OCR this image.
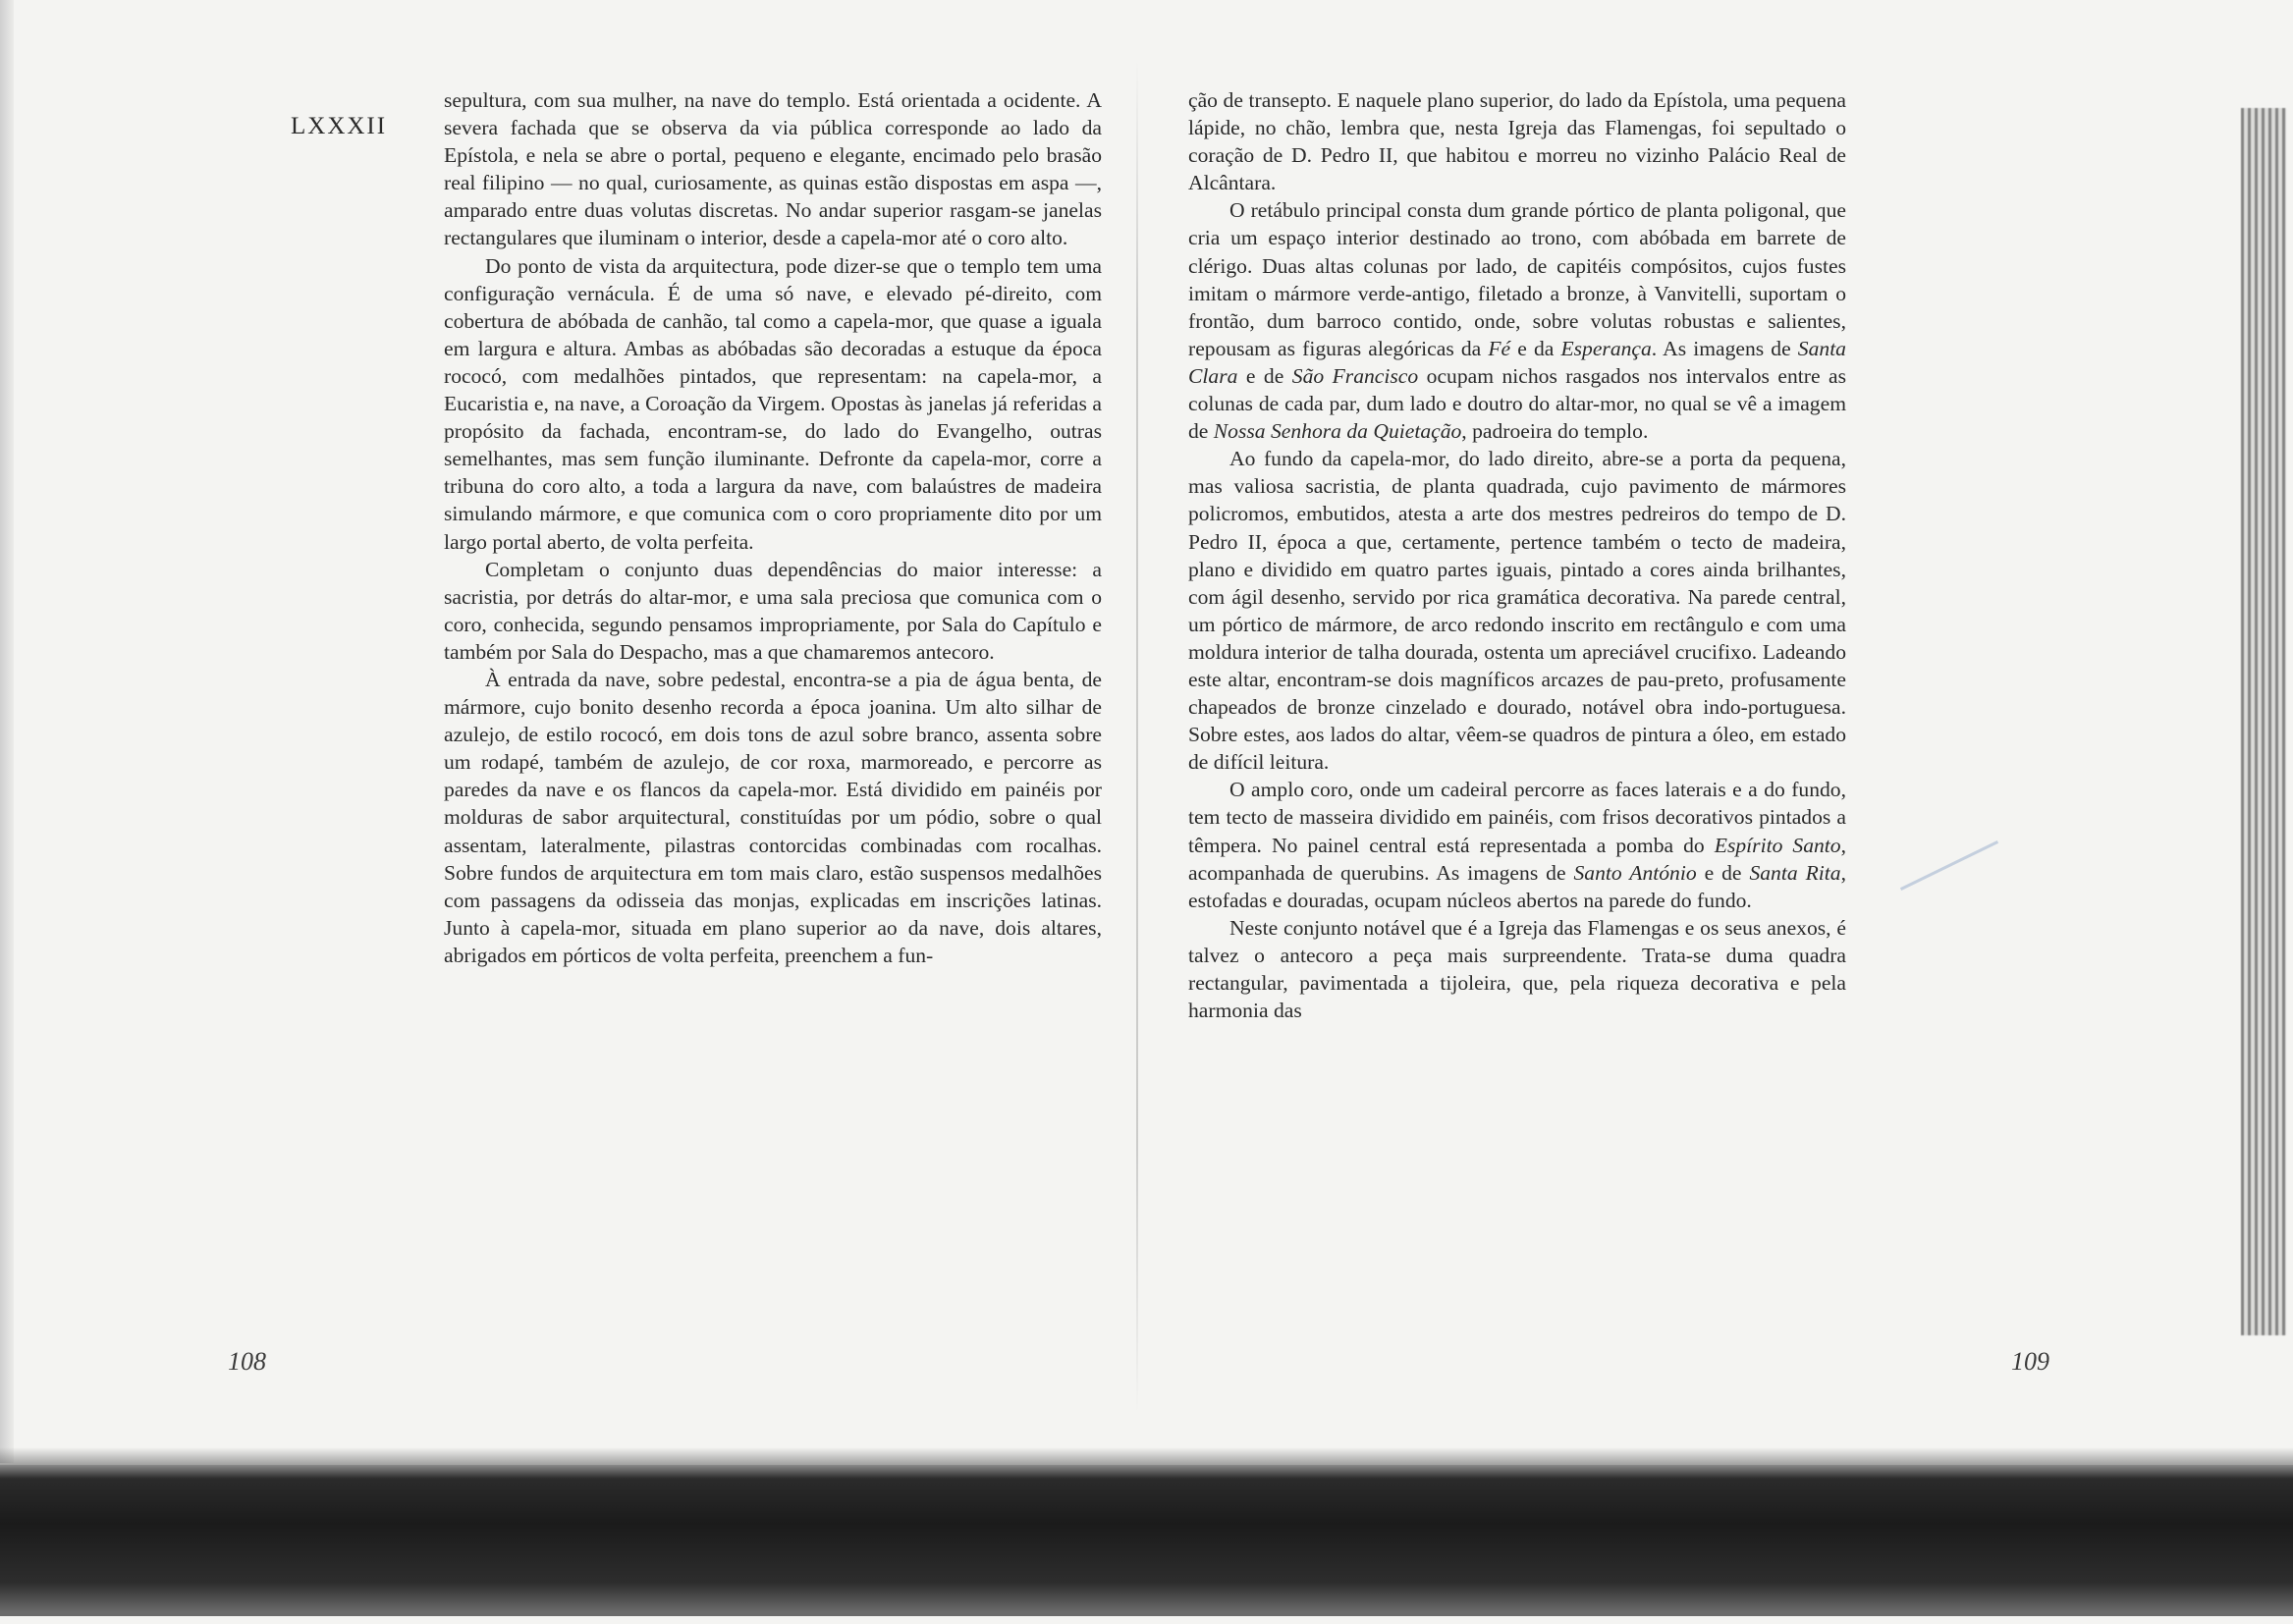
LXXXII

sepultura, com sua mulher, na nave do templo. Está orientada a ocidente. A severa fachada que se observa da via pública corresponde ao lado da Epístola, e nela se abre o portal, pequeno e elegante, encimado pelo brasão real filipino — no qual, curiosamente, as quinas estão dispostas em aspa —, amparado entre duas volutas discretas. No andar superior rasgam-se janelas rectangulares que iluminam o interior, desde a capela-mor até o coro alto.

Do ponto de vista da arquitectura, pode dizer-se que o templo tem uma configuração vernácula. É de uma só nave, e elevado pé-direito, com cobertura de abóbada de canhão, tal como a capela-mor, que quase a iguala em largura e altura. Ambas as abóbadas são decoradas a estuque da época rococó, com medalhões pintados, que representam: na capela-mor, a Eucaristia e, na nave, a Coroação da Virgem. Opostas às janelas já referidas a propósito da fachada, encontram-se, do lado do Evangelho, outras semelhantes, mas sem função iluminante. Defronte da capela-mor, corre a tribuna do coro alto, a toda a largura da nave, com balaústres de madeira simulando mármore, e que comunica com o coro propriamente dito por um largo portal aberto, de volta perfeita.

Completam o conjunto duas dependências do maior interesse: a sacristia, por detrás do altar-mor, e uma sala preciosa que comunica com o coro, conhecida, segundo pensamos impropriamente, por Sala do Capítulo e também por Sala do Despacho, mas a que chamaremos antecoro.

À entrada da nave, sobre pedestal, encontra-se a pia de água benta, de mármore, cujo bonito desenho recorda a época joanina. Um alto silhar de azulejo, de estilo rococó, em dois tons de azul sobre branco, assenta sobre um rodapé, também de azulejo, de cor roxa, marmoreado, e percorre as paredes da nave e os flancos da capela-mor. Está dividido em painéis por molduras de sabor arquitectural, constituídas por um pódio, sobre o qual assentam, lateralmente, pilastras contorcidas combinadas com rocalhas. Sobre fundos de arquitectura em tom mais claro, estão suspensos medalhões com passagens da odisseia das monjas, explicadas em inscrições latinas. Junto à capela-mor, situada em plano superior ao da nave, dois altares, abrigados em pórticos de volta perfeita, preenchem a fun-

108

ção de transepto. E naquele plano superior, do lado da Epístola, uma pequena lápide, no chão, lembra que, nesta Igreja das Flamengas, foi sepultado o coração de D. Pedro II, que habitou e morreu no vizinho Palácio Real de Alcântara.

O retábulo principal consta dum grande pórtico de planta poligonal, que cria um espaço interior destinado ao trono, com abóbada em barrete de clérigo. Duas altas colunas por lado, de capitéis compósitos, cujos fustes imitam o mármore verde-antigo, filetado a bronze, à Vanvitelli, suportam o frontão, dum barroco contido, onde, sobre volutas robustas e salientes, repousam as figuras alegóricas da Fé e da Esperança. As imagens de Santa Clara e de São Francisco ocupam nichos rasgados nos intervalos entre as colunas de cada par, dum lado e doutro do altar-mor, no qual se vê a imagem de Nossa Senhora da Quietação, padroeira do templo.

Ao fundo da capela-mor, do lado direito, abre-se a porta da pequena, mas valiosa sacristia, de planta quadrada, cujo pavimento de mármores policromos, embutidos, atesta a arte dos mestres pedreiros do tempo de D. Pedro II, época a que, certamente, pertence também o tecto de madeira, plano e dividido em quatro partes iguais, pintado a cores ainda brilhantes, com ágil desenho, servido por rica gramática decorativa. Na parede central, um pórtico de mármore, de arco redondo inscrito em rectângulo e com uma moldura interior de talha dourada, ostenta um apreciável crucifixo. Ladeando este altar, encontram-se dois magníficos arcazes de pau-preto, profusamente chapeados de bronze cinzelado e dourado, notável obra indo-portuguesa. Sobre estes, aos lados do altar, vêem-se quadros de pintura a óleo, em estado de difícil leitura.

O amplo coro, onde um cadeiral percorre as faces laterais e a do fundo, tem tecto de masseira dividido em painéis, com frisos decorativos pintados a têmpera. No painel central está representada a pomba do Espírito Santo, acompanhada de querubins. As imagens de Santo António e de Santa Rita, estofadas e douradas, ocupam núcleos abertos na parede do fundo.

Neste conjunto notável que é a Igreja das Flamengas e os seus anexos, é talvez o antecoro a peça mais surpreendente. Trata-se duma quadra rectangular, pavimentada a tijoleira, que, pela riqueza decorativa e pela harmonia das

109
